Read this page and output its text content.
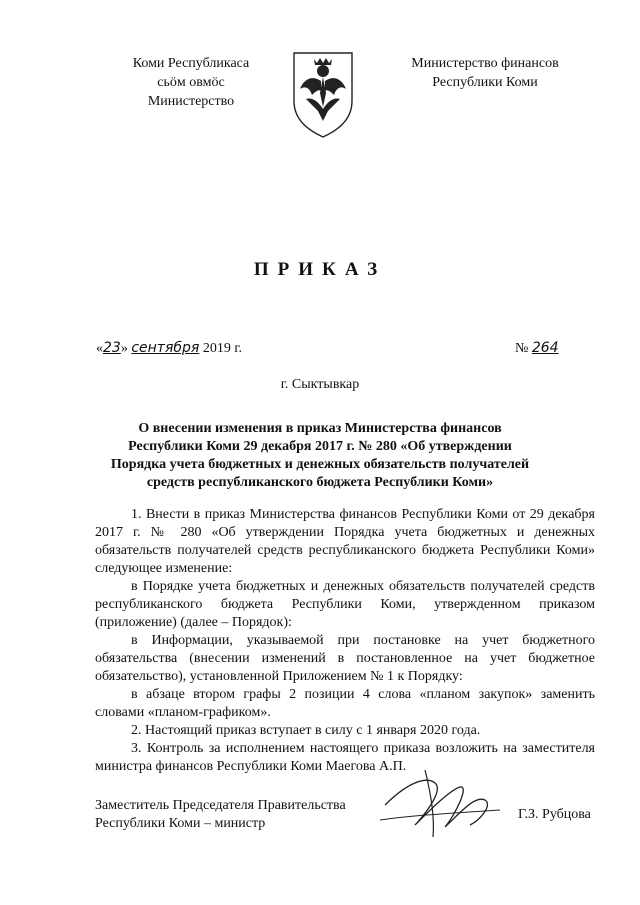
Коми Республикаса
сьӧм овмӧс
Министерство
Министерство финансов
Республики Коми
ПРИКАЗ
«23» сентября 2019 г.	№ 264
г. Сыктывкар
О внесении изменения в приказ Министерства финансов Республики Коми 29 декабря 2017 г. № 280 «Об утверждении Порядка учета бюджетных и денежных обязательств получателей средств республиканского бюджета Республики Коми»

1. Внести в приказ Министерства финансов Республики Коми от 29 декабря 2017 г. № 280 «Об утверждении Порядка учета бюджетных и денежных обязательств получателей средств республиканского бюджета Республики Коми» следующее изменение:

в Порядке учета бюджетных и денежных обязательств получателей средств республиканского бюджета Республики Коми, утвержденном приказом (приложение) (далее – Порядок):

в Информации, указываемой при постановке на учет бюджетного обязательства (внесении изменений в постановленное на учет бюджетное обязательство), установленной Приложением № 1 к Порядку:

в абзаце втором графы 2 позиции 4 слова «планом закупок» заменить словами «планом-графиком».

2. Настоящий приказ вступает в силу с 1 января 2020 года.

3. Контроль за исполнением настоящего приказа возложить на заместителя министра финансов Республики Коми Маегова А.П.

Заместитель Председателя Правительства
Республики Коми – министр
Г.З. Рубцова
